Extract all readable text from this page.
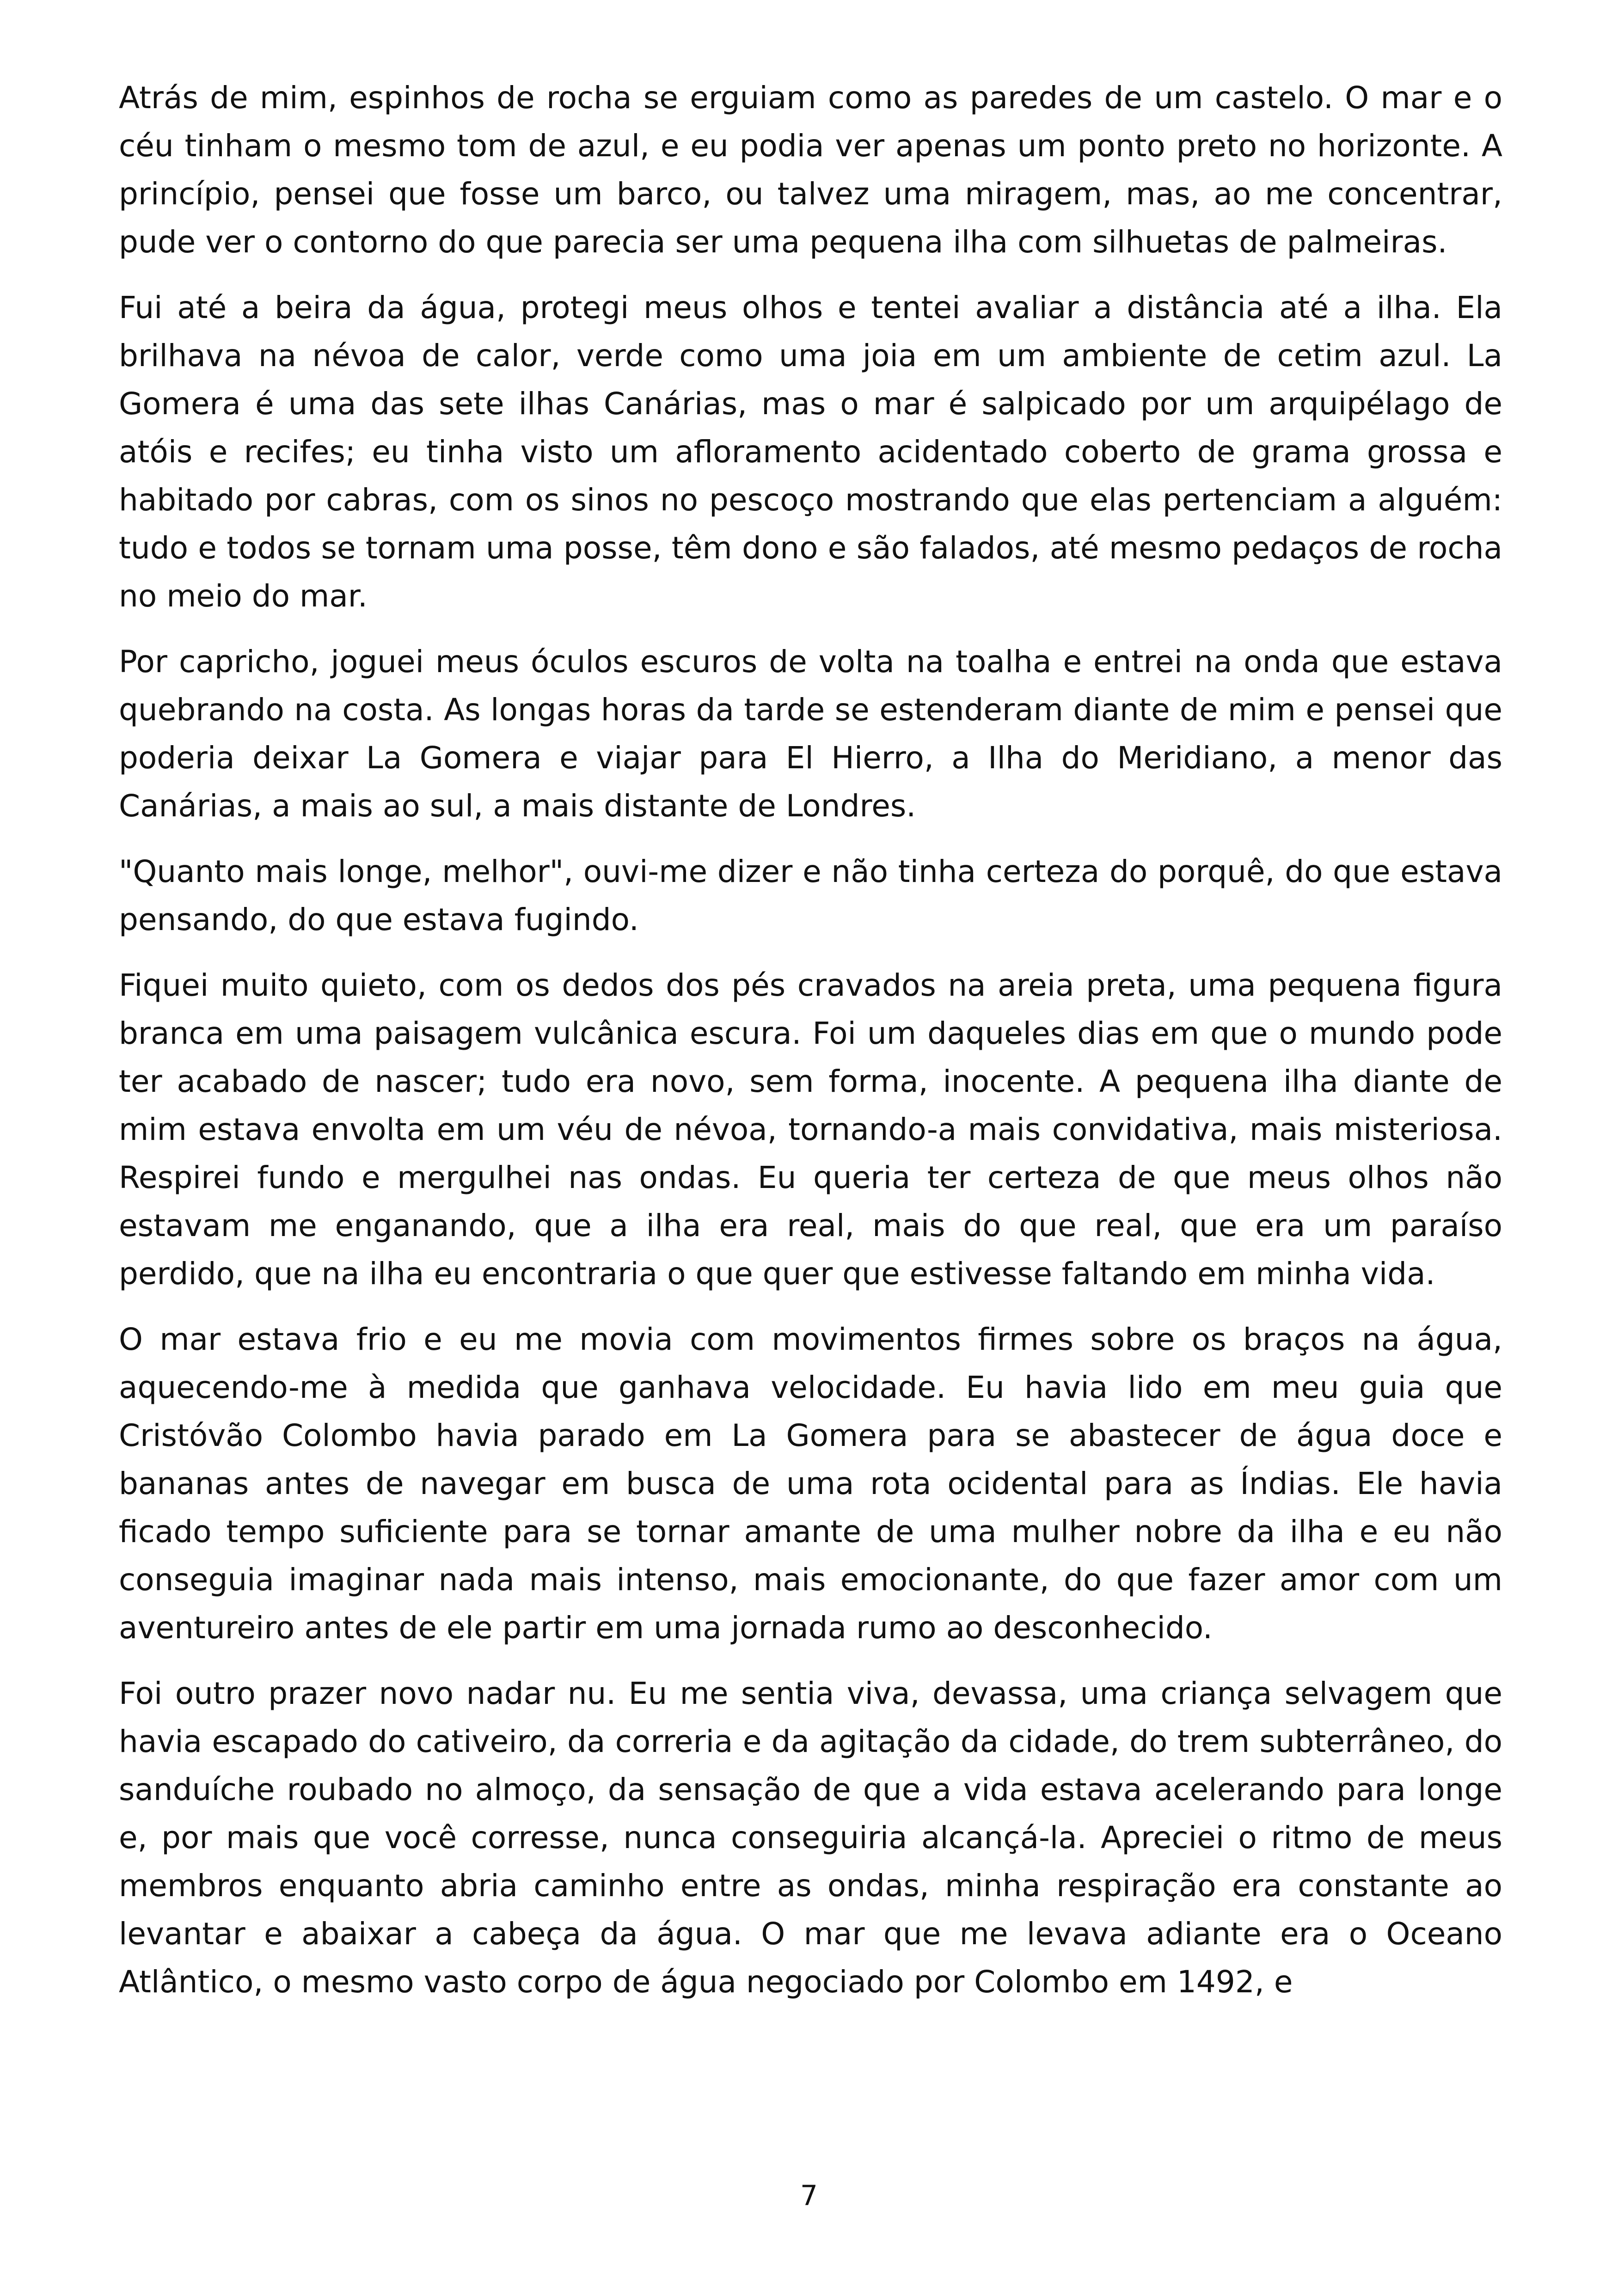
Atrás de mim, espinhos de rocha se erguiam como as paredes de um castelo. O mar e o céu tinham o mesmo tom de azul, e eu podia ver apenas um ponto preto no horizonte. A princípio, pensei que fosse um barco, ou talvez uma miragem, mas, ao me concentrar, pude ver o contorno do que parecia ser uma pequena ilha com silhuetas de palmeiras.

Fui até a beira da água, protegi meus olhos e tentei avaliar a distância até a ilha. Ela brilhava na névoa de calor, verde como uma joia em um ambiente de cetim azul. La Gomera é uma das sete ilhas Canárias, mas o mar é salpicado por um arquipélago de atóis e recifes; eu tinha visto um afloramento acidentado coberto de grama grossa e habitado por cabras, com os sinos no pescoço mostrando que elas pertenciam a alguém: tudo e todos se tornam uma posse, têm dono e são falados, até mesmo pedaços de rocha no meio do mar.

Por capricho, joguei meus óculos escuros de volta na toalha e entrei na onda que estava quebrando na costa. As longas horas da tarde se estenderam diante de mim e pensei que poderia deixar La Gomera e viajar para El Hierro, a Ilha do Meridiano, a menor das Canárias, a mais ao sul, a mais distante de Londres.

"Quanto mais longe, melhor", ouvi-me dizer e não tinha certeza do porquê, do que estava pensando, do que estava fugindo.

Fiquei muito quieto, com os dedos dos pés cravados na areia preta, uma pequena figura branca em uma paisagem vulcânica escura. Foi um daqueles dias em que o mundo pode ter acabado de nascer; tudo era novo, sem forma, inocente. A pequena ilha diante de mim estava envolta em um véu de névoa, tornando-a mais convidativa, mais misteriosa. Respirei fundo e mergulhei nas ondas. Eu queria ter certeza de que meus olhos não estavam me enganando, que a ilha era real, mais do que real, que era um paraíso perdido, que na ilha eu encontraria o que quer que estivesse faltando em minha vida.

O mar estava frio e eu me movia com movimentos firmes sobre os braços na água, aquecendo-me à medida que ganhava velocidade. Eu havia lido em meu guia que Cristóvão Colombo havia parado em La Gomera para se abastecer de água doce e bananas antes de navegar em busca de uma rota ocidental para as Índias. Ele havia ficado tempo suficiente para se tornar amante de uma mulher nobre da ilha e eu não conseguia imaginar nada mais intenso, mais emocionante, do que fazer amor com um aventureiro antes de ele partir em uma jornada rumo ao desconhecido.

Foi outro prazer novo nadar nu. Eu me sentia viva, devassa, uma criança selvagem que havia escapado do cativeiro, da correria e da agitação da cidade, do trem subterrâneo, do sanduíche roubado no almoço, da sensação de que a vida estava acelerando para longe e, por mais que você corresse, nunca conseguiria alcançá-la. Apreciei o ritmo de meus membros enquanto abria caminho entre as ondas, minha respiração era constante ao levantar e abaixar a cabeça da água. O mar que me levava adiante era o Oceano Atlântico, o mesmo vasto corpo de água negociado por Colombo em 1492, e

7
